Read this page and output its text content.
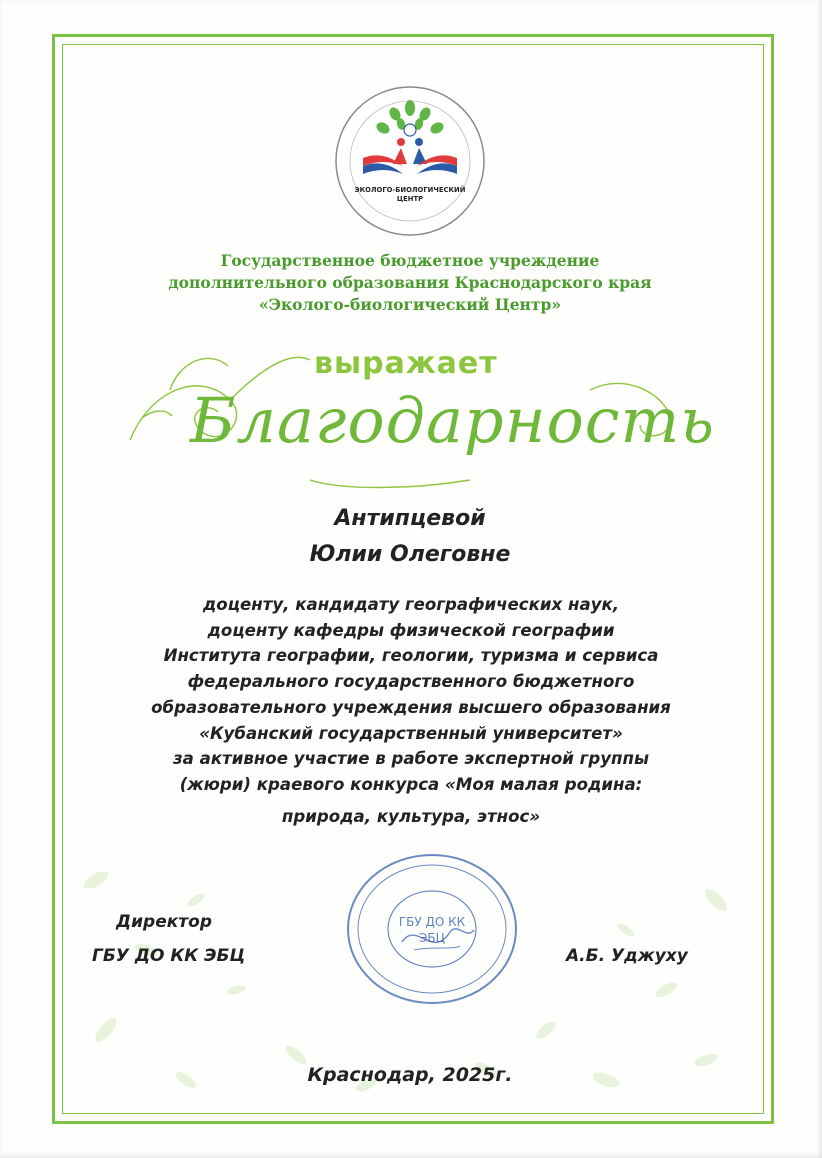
ЭКОЛОГО-БИОЛОГИЧЕСКИЙ
ЦЕНТР
Государственное бюджетное учреждение
дополнительного образования Краснодарского края
«Эколого-биологический Центр»
выражает
Благодарность
Антипцевой
Юлии Олеговне
доценту, кандидату географических наук,
доценту кафедры физической географии
Института географии, геологии, туризма и сервиса
федерального государственного бюджетного
образовательного учреждения высшего образования
«Кубанский государственный университет»
за активное участие в работе экспертной группы
(жюри) краевого конкурса «Моя малая родина:
природа, культура, этнос»
Директор
ГБУ ДО КК ЭБЦ	А.Б. Уджуху
ГБУ ДО КК
ЭБЦ
Краснодар, 2025г.
